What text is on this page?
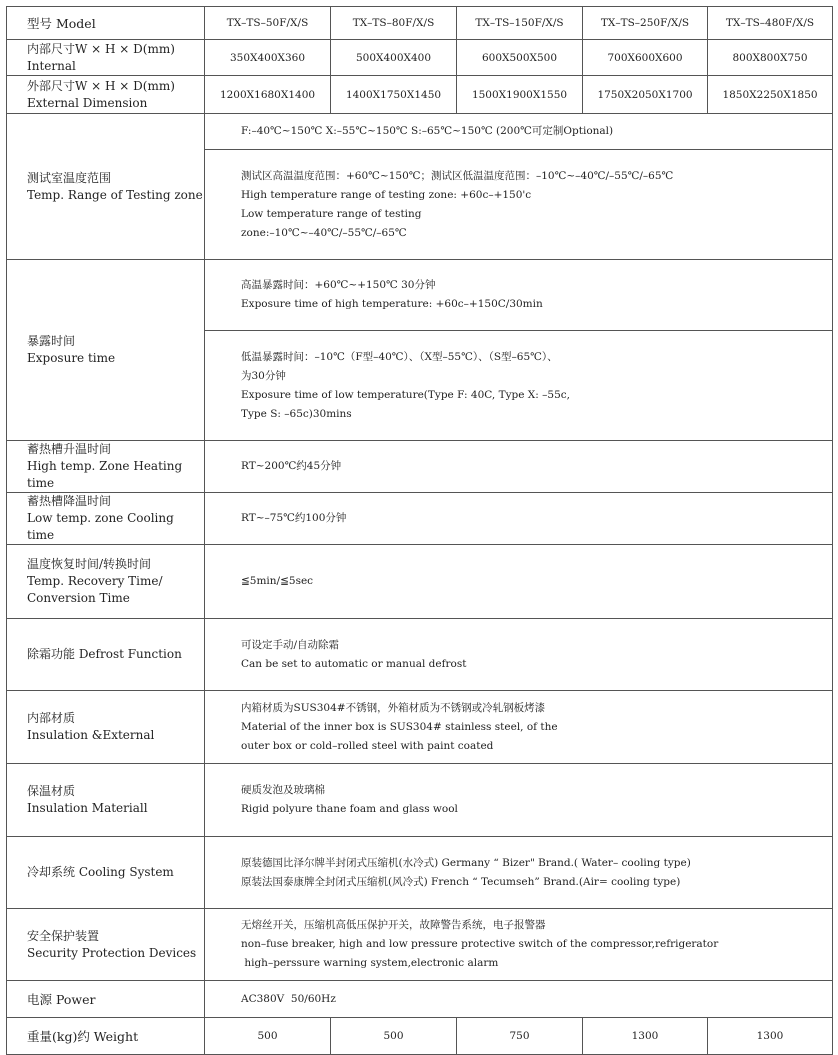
型号 Model	TX–TS–50F/X/S	TX–TS–80F/X/S	TX–TS–150F/X/S	TX–TS–250F/X/S	TX–TS–480F/X/S

内部尺寸W × H × D(mm)
Internal	350X400X360	500X400X400	600X500X500	700X600X600	800X800X750

外部尺寸W × H × D(mm)
External Dimension	1200X1680X1400	1400X1750X1450	1500X1900X1550	1750X2050X1700	1850X2250X1850

测试室温度范围
Temp. Range of Testing zone	F:–40℃~150℃ X:–55℃~150℃ S:–65℃~150℃ (200℃可定制Optional)				

	测试区高温温度范围：+60℃~150℃；测试区低温温度范围：–10℃~–40℃/–55℃/–65℃
High temperature range of testing zone: +60c–+150'c
Low temperature range of testing
zone:–10℃~–40℃/–55℃/–65℃				

暴露时间
Exposure time	高温暴露时间：+60℃~+150℃ 30分钟
Exposure time of high temperature: +60c–+150C/30min				

	低温暴露时间：–10℃（F型–40℃）、（X型–55℃）、（S型–65℃）、
为30分钟
Exposure time of low temperature(Type F: 40C, Type X: –55c,
Type S: –65c)30mins				

蓄热槽升温时间
High temp. Zone Heating time	RT~200℃约45分钟				

蓄热槽降温时间
Low temp. zone Cooling time	RT~–75℃约100分钟				

温度恢复时间/转换时间
Temp. Recovery Time/
Conversion Time	≦5min/≦5sec				
除霜功能 Defrost Function	可设定手动/自动除霜
Can be set to automatic or manual defrost				

内部材质
Insulation &External	内箱材质为SUS304#不锈钢，外箱材质为不锈钢或冷轧钢板烤漆
Material of the inner box is SUS304# stainless steel, of the
outer box or cold–rolled steel with paint coated				

保温材质
Insulation Materiall	硬质发泡及玻璃棉
Rigid polyure thane foam and glass wool				

冷却系统 Cooling System	原装德国比泽尔牌半封闭式压缩机(水冷式) Germany “ Bizer" Brand.( Water– cooling type)
原装法国泰康牌全封闭式压缩机(风冷式) French “ Tecumseh” Brand.(Air= cooling type)				

安全保护装置
Security Protection Devices	无熔丝开关，压缩机高低压保护开关，故障警告系统，电子报警器
non–fuse breaker, high and low pressure protective switch of the compressor,refrigerator
high–perssure warning system,electronic alarm				

电源 Power	AC380V  50/60Hz				
重量(kg)约 Weight	500	500	750	1300	1300
